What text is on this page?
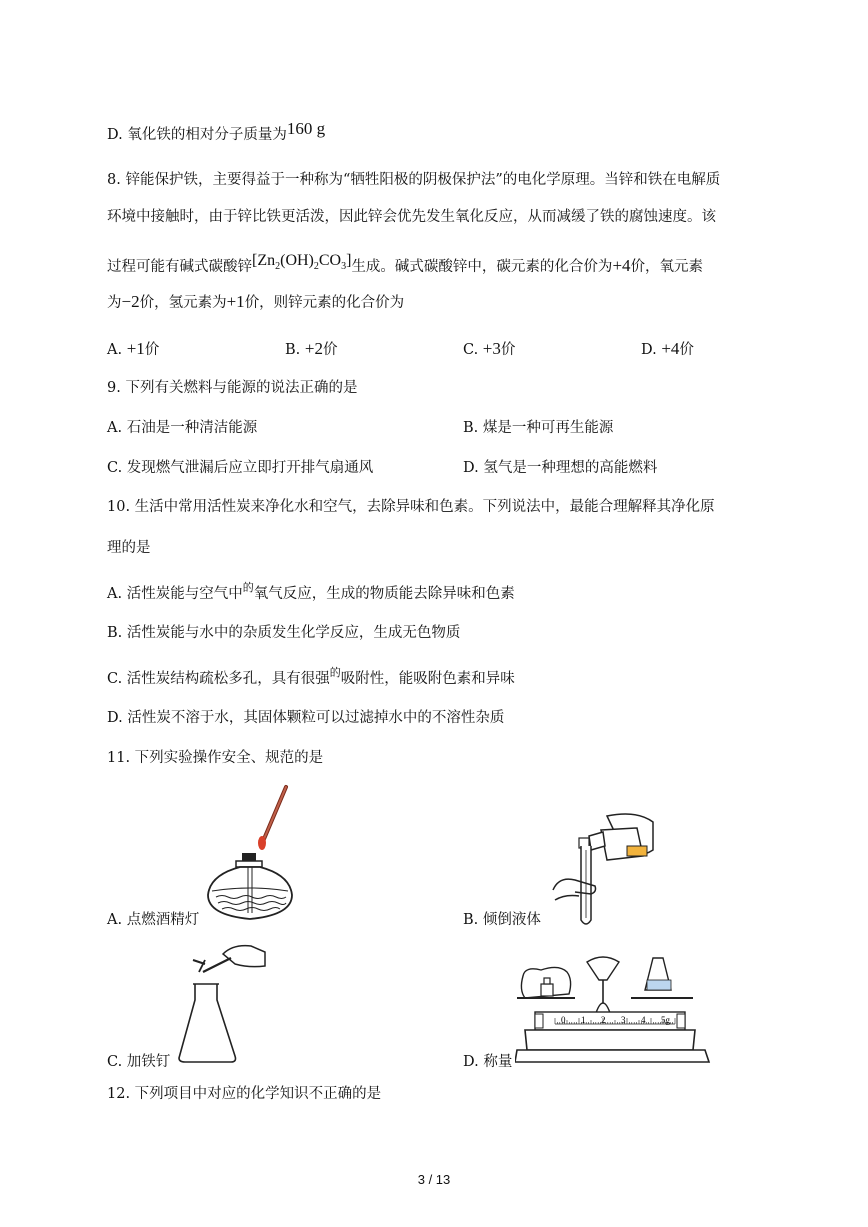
D. 氧化铁的相对分子质量为160 g
8. 锌能保护铁，主要得益于一种称为“牺牲阳极的阴极保护法”的电化学原理。当锌和铁在电解质
环境中接触时，由于锌比铁更活泼，因此锌会优先发生氧化反应，从而减缓了铁的腐蚀速度。该
过程可能有碱式碳酸锌$[Zn_2(OH)_2CO_3]$生成。碱式碳酸锌中，碳元素的化合价为+4价，氧元素
为−2价，氢元素为+1价，则锌元素的化合价为
A. +1价	B. +2价	C. +3价	D. +4价
9. 下列有关燃料与能源的说法正确的是
A. 石油是一种清洁能源	B. 煤是一种可再生能源
C. 发现燃气泄漏后应立即打开排气扇通风	D. 氢气是一种理想的高能燃料
10. 生活中常用活性炭来净化水和空气，去除异味和色素。下列说法中，最能合理解释其净化原
理的是
A. 活性炭能与空气中$^的$氧气反应，生成的物质能去除异味和色素
B. 活性炭能与水中的杂质发生化学反应，生成无色物质
C. 活性炭结构疏松多孔，具有很强$^的$吸附性，能吸附色素和异味
D. 活性炭不溶于水，其固体颗粒可以过滤掉水中的不溶性杂质
11. 下列实验操作安全、规范的是
A. 点燃酒精灯	B. 倾倒液体
C. 加铁钉
0 1 2 3 4 5g
D. 称量
12. 下列项目中对应的化学知识不正确的是
3 / 13
